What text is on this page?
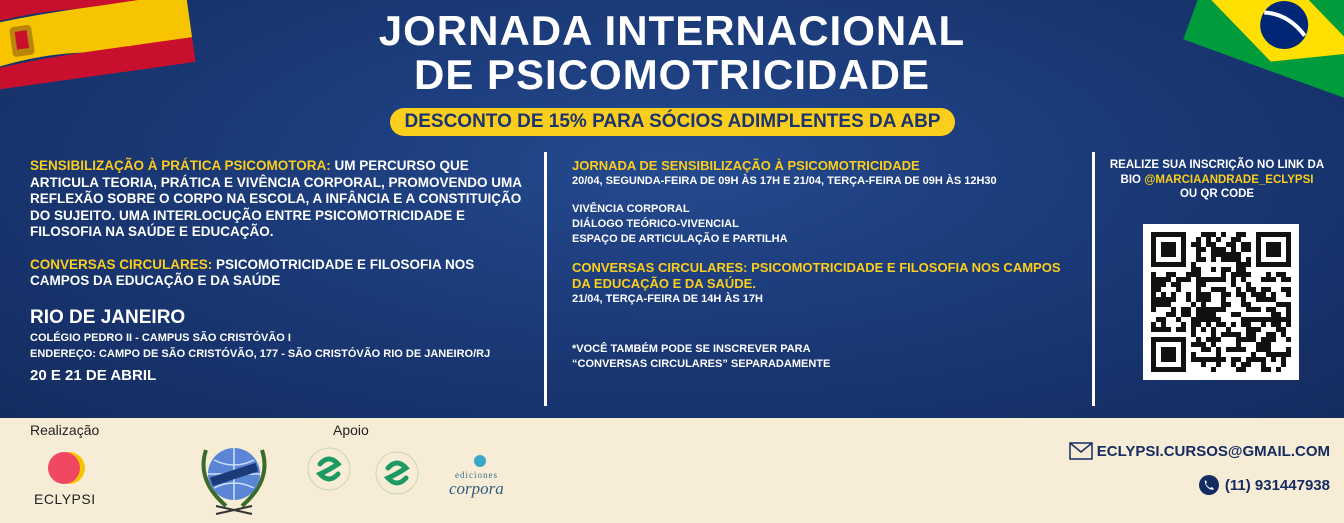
JORNADA INTERNACIONAL
DE PSICOMOTRICIDADE
DESCONTO DE 15% PARA SÓCIOS ADIMPLENTES DA ABP

SENSIBILIZAÇÃO À PRÁTICA PSICOMOTORA: UM PERCURSO QUE ARTICULA TEORIA, PRÁTICA E VIVÊNCIA CORPORAL, PROMOVENDO UMA REFLEXÃO SOBRE O CORPO NA ESCOLA, A INFÂNCIA E A CONSTITUIÇÃO DO SUJEITO. UMA INTERLOCUÇÃO ENTRE PSICOMOTRICIDADE E FILOSOFIA NA SAÚDE E EDUCAÇÃO.

CONVERSAS CIRCULARES: PSICOMOTRICIDADE E FILOSOFIA NOS CAMPOS DA EDUCAÇÃO E DA SAÚDE

RIO DE JANEIRO
COLÉGIO PEDRO II - CAMPUS SÃO CRISTÓVÃO I
ENDEREÇO: CAMPO DE SÃO CRISTÓVÃO, 177 - SÃO CRISTÓVÃO RIO DE JANEIRO/RJ
20 E 21 DE ABRIL
JORNADA DE SENSIBILIZAÇÃO À PSICOMOTRICIDADE
20/04, SEGUNDA-FEIRA DE 09H ÀS 17H E 21/04, TERÇA-FEIRA DE 09H ÀS 12H30
VIVÊNCIA CORPORAL
DIÁLOGO TEÓRICO-VIVENCIAL
ESPAÇO DE ARTICULAÇÃO E PARTILHA
CONVERSAS CIRCULARES: PSICOMOTRICIDADE E FILOSOFIA NOS CAMPOS DA EDUCAÇÃO E DA SAÚDE.
21/04, TERÇA-FEIRA DE 14H ÀS 17H
*VOCÊ TAMBÉM PODE SE INSCREVER PARA
“CONVERSAS CIRCULARES” SEPARADAMENTE
REALIZE SUA INSCRIÇÃO NO LINK DA
BIO @MARCIAANDRADE_ECLYPSI
OU QR CODE
Realização	Apoio
ECLYPSI
ediciones
corpora
ECLYPSI.CURSOS@GMAIL.COM
(11) 931447938
